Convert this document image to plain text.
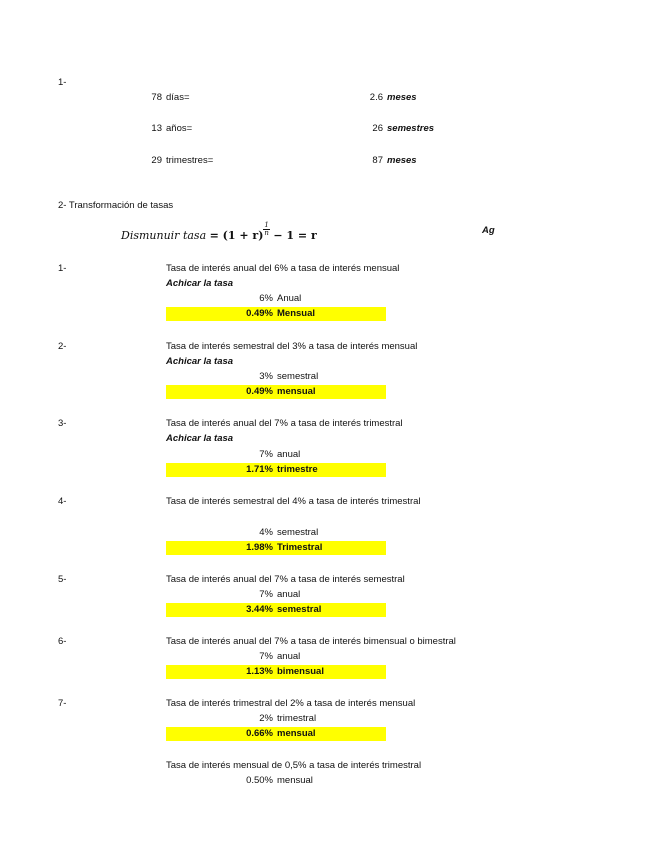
1-
78 días=	2.6 meses
13 años=	26 semestres
29 trimestres=	87 meses
2- Transformación de tasas
Dismunuir tasa = $(1 + r) \frac{1}{n} - 1 = r$	Ag
1-	Tasa de interés anual del 6% a tasa de interés mensual
Achicar la tasa
6% Anual
0.49% Mensual
2-	Tasa de interés semestral del 3% a tasa de interés mensual
Achicar la tasa
3% semestral
0.49% mensual
3-	Tasa de interés anual del 7% a tasa de interés trimestral
Achicar la tasa
7% anual
1.71% trimestre
4-	Tasa de interés semestral del 4% a tasa de interés trimestral
4% semestral
1.98% Trimestral
5-	Tasa de interés anual del 7% a tasa de interés semestral
7% anual
3.44% semestral
6-	Tasa de interés anual del 7% a tasa de interés bimensual o bimestral
7% anual
1.13% bimensual
7-	Tasa de interés trimestral del 2% a tasa de interés mensual
2% trimestral
0.66% mensual
Tasa de interés mensual de 0,5% a tasa de interés trimestral
0.50% mensual
